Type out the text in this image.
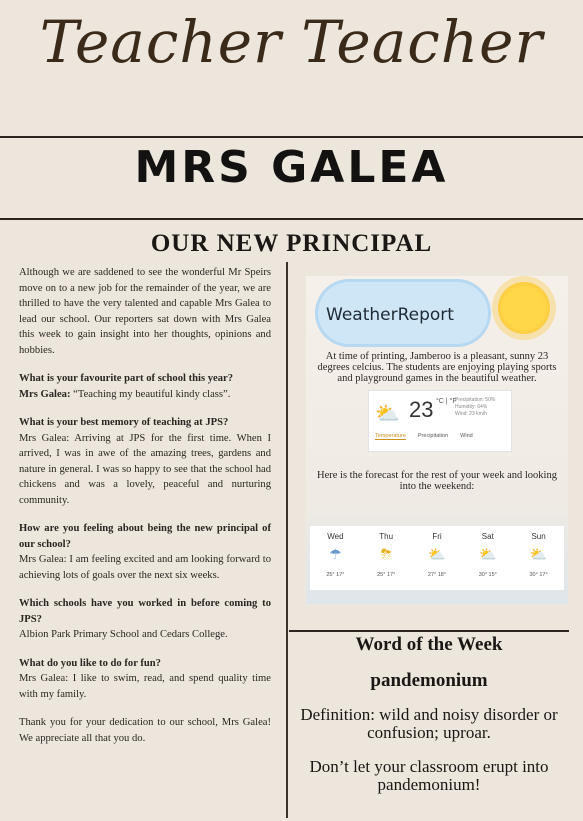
Teacher Teacher
MRS GALEA
OUR NEW PRINCIPAL

Although we are saddened to see the wonderful Mr Speirs move on to a new job for the remainder of the year, we are thrilled to have the very talented and capable Mrs Galea to lead our school. Our reporters sat down with Mrs Galea this week to gain insight into her thoughts, opinions and hobbies.

What is your favourite part of school this year?
Mrs Galea: “Teaching my beautiful kindy class”.
What is your best memory of teaching at JPS?
Mrs Galea: Arriving at JPS for the first time. When I arrived, I was in awe of the amazing trees, gardens and nature in general. I was so happy to see that the school had chickens and was a lovely, peaceful and nurturing community.
How are you feeling about being the new principal of our school?
Mrs Galea: I am feeling excited and am looking forward to achieving lots of goals over the next six weeks.
Which schools have you worked in before coming to JPS?
Albion Park Primary School and Cedars College.
What do you like to do for fun?
Mrs Galea: I like to swim, read, and spend quality time with my family.

Thank you for your dedication to our school, Mrs Galea! We appreciate all that you do.

WeatherReport
At time of printing, Jamberoo is a pleasant, sunny 23 degrees celcius. The students are enjoying playing sports and playground games in the beautiful weather.
⛅ 23 °C | °F
Precipitation: 50%
Humidity: 64%
Wind: 23 km/h
Temperature Precipitation Wind
Here is the forecast for the rest of your week and looking into the weekend:
Wed
☂
25° 17°
Thu
⛈
25° 17°
Fri
⛅
27° 18°
Sat
⛅
30° 15°
Sun
⛅
30° 17°
Word of the Week
pandemonium
Definition: wild and noisy disorder or confusion; uproar.
Don’t let your classroom erupt into pandemonium!
